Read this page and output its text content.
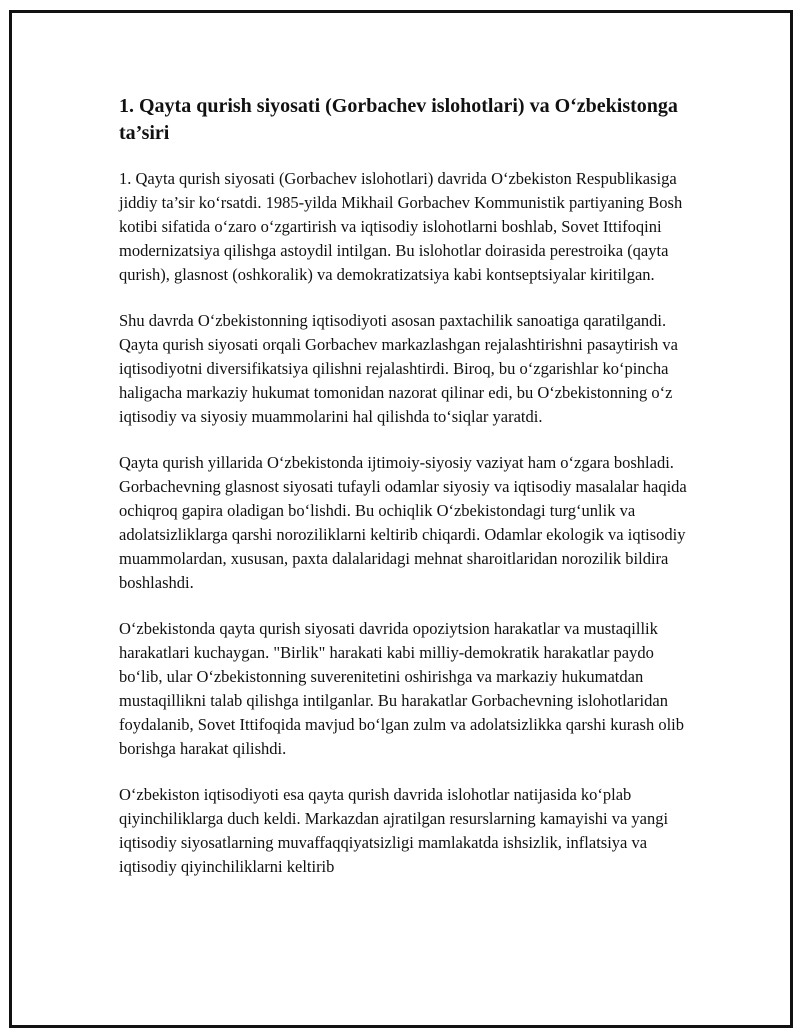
1. Qayta qurish siyosati (Gorbachev islohotlari) va O‘zbekistonga ta’siri

1. Qayta qurish siyosati (Gorbachev islohotlari) davrida O‘zbekiston Respublikasiga jiddiy ta’sir ko‘rsatdi. 1985-yilda Mikhail Gorbachev Kommunistik partiyaning Bosh kotibi sifatida o‘zaro o‘zgartirish va iqtisodiy islohotlarni boshlab, Sovet Ittifoqini modernizatsiya qilishga astoydil intilgan. Bu islohotlar doirasida perestroika (qayta qurish), glasnost (oshkoralik) va demokratizatsiya kabi kontseptsiyalar kiritilgan.

Shu davrda O‘zbekistonning iqtisodiyoti asosan paxtachilik sanoatiga qaratilgandi. Qayta qurish siyosati orqali Gorbachev markazlashgan rejalashtirishni pasaytirish va iqtisodiyotni diversifikatsiya qilishni rejalashtirdi. Biroq, bu o‘zgarishlar ko‘pincha haligacha markaziy hukumat tomonidan nazorat qilinar edi, bu O‘zbekistonning o‘z iqtisodiy va siyosiy muammolarini hal qilishda to‘siqlar yaratdi.

Qayta qurish yillarida O‘zbekistonda ijtimoiy-siyosiy vaziyat ham o‘zgara boshladi. Gorbachevning glasnost siyosati tufayli odamlar siyosiy va iqtisodiy masalalar haqida ochiqroq gapira oladigan bo‘lishdi. Bu ochiqlik O‘zbekistondagi turg‘unlik va adolatsizliklarga qarshi noroziliklarni keltirib chiqardi. Odamlar ekologik va iqtisodiy muammolardan, xususan, paxta dalalaridagi mehnat sharoitlaridan norozilik bildira boshlashdi.

O‘zbekistonda qayta qurish siyosati davrida opoziytsion harakatlar va mustaqillik harakatlari kuchaygan. "Birlik" harakati kabi milliy-demokratik harakatlar paydo bo‘lib, ular O‘zbekistonning suverenitetini oshirishga va markaziy hukumatdan mustaqillikni talab qilishga intilganlar. Bu harakatlar Gorbachevning islohotlaridan foydalanib, Sovet Ittifoqida mavjud bo‘lgan zulm va adolatsizlikka qarshi kurash olib borishga harakat qilishdi.

O‘zbekiston iqtisodiyoti esa qayta qurish davrida islohotlar natijasida ko‘plab qiyinchiliklarga duch keldi. Markazdan ajratilgan resurslarning kamayishi va yangi iqtisodiy siyosatlarning muvaffaqqiyatsizligi mamlakatda ishsizlik, inflatsiya va iqtisodiy qiyinchiliklarni keltirib
